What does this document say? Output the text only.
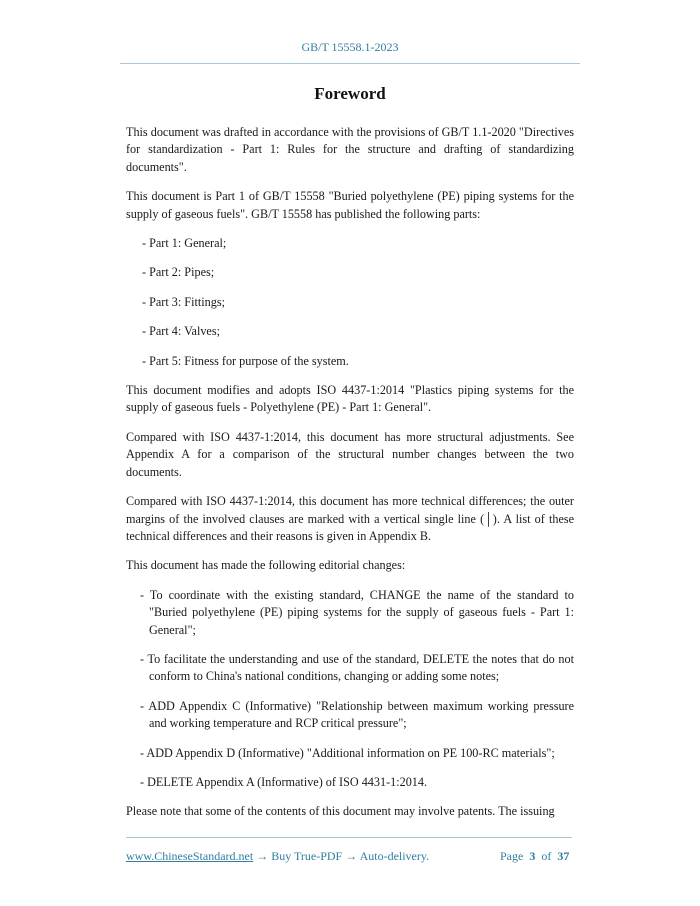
GB/T 15558.1-2023
Foreword

This document was drafted in accordance with the provisions of GB/T 1.1-2020 "Directives for standardization - Part 1: Rules for the structure and drafting of standardizing documents".

This document is Part 1 of GB/T 15558 "Buried polyethylene (PE) piping systems for the supply of gaseous fuels". GB/T 15558 has published the following parts:

- Part 1: General;
- Part 2: Pipes;
- Part 3: Fittings;
- Part 4: Valves;
- Part 5: Fitness for purpose of the system.

This document modifies and adopts ISO 4437-1:2014 "Plastics piping systems for the supply of gaseous fuels - Polyethylene (PE) - Part 1: General".

Compared with ISO 4437-1:2014, this document has more structural adjustments. See Appendix A for a comparison of the structural number changes between the two documents.

Compared with ISO 4437-1:2014, this document has more technical differences; the outer margins of the involved clauses are marked with a vertical single line (│). A list of these technical differences and their reasons is given in Appendix B.

This document has made the following editorial changes:

- To coordinate with the existing standard, CHANGE the name of the standard to "Buried polyethylene (PE) piping systems for the supply of gaseous fuels - Part 1: General";
- To facilitate the understanding and use of the standard, DELETE the notes that do not conform to China's national conditions, changing or adding some notes;
- ADD Appendix C (Informative) "Relationship between maximum working pressure and working temperature and RCP critical pressure";
- ADD Appendix D (Informative) "Additional information on PE 100-RC materials";
- DELETE Appendix A (Informative) of ISO 4431-1:2014.

Please note that some of the contents of this document may involve patents. The issuing

www.ChineseStandard.net → Buy True-PDF → Auto-delivery.	Page 3 of 37
